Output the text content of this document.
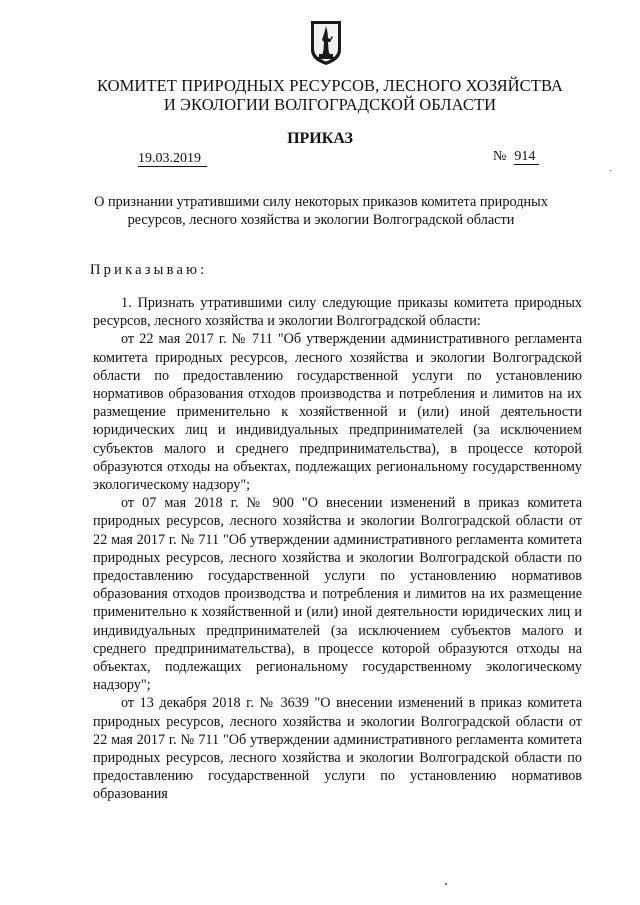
КОМИТЕТ ПРИРОДНЫХ РЕСУРСОВ, ЛЕСНОГО ХОЗЯЙСТВА
И ЭКОЛОГИИ ВОЛГОГРАДСКОЙ ОБЛАСТИ
ПРИКАЗ
19.03.2019	№ 914
О признании утратившими силу некоторых приказов комитета природных
ресурсов, лесного хозяйства и экологии Волгоградской области
Приказываю:

1. Признать утратившими силу следующие приказы комитета природных ресурсов, лесного хозяйства и экологии Волгоградской области:

от 22 мая 2017 г. № 711 "Об утверждении административного регламента комитета природных ресурсов, лесного хозяйства и экологии Волгоградской области по предоставлению государственной услуги по установлению нормативов образования отходов производства и потребления и лимитов на их размещение применительно к хозяйственной и (или) иной деятельности юридических лиц и индивидуальных предпринимателей (за исключением субъектов малого и среднего предпринимательства), в процессе которой образуются отходы на объектах, подлежащих региональному государственному экологическому надзору";

от 07 мая 2018 г. № 900 "О внесении изменений в приказ комитета природных ресурсов, лесного хозяйства и экологии Волгоградской области от 22 мая 2017 г. № 711 "Об утверждении административного регламента комитета природных ресурсов, лесного хозяйства и экологии Волгоградской области по предоставлению государственной услуги по установлению нормативов образования отходов производства и потребления и лимитов на их размещение применительно к хозяйственной и (или) иной деятельности юридических лиц и индивидуальных предпринимателей (за исключением субъектов малого и среднего предпринимательства), в процессе которой образуются отходы на объектах, подлежащих региональному государственному экологическому надзору";

от 13 декабря 2018 г. № 3639 "О внесении изменений в приказ комитета природных ресурсов, лесного хозяйства и экологии Волгоградской области от 22 мая 2017 г. № 711 "Об утверждении административного регламента комитета природных ресурсов, лесного хозяйства и экологии Волгоградской области по предоставлению государственной услуги по установлению нормативов образования
